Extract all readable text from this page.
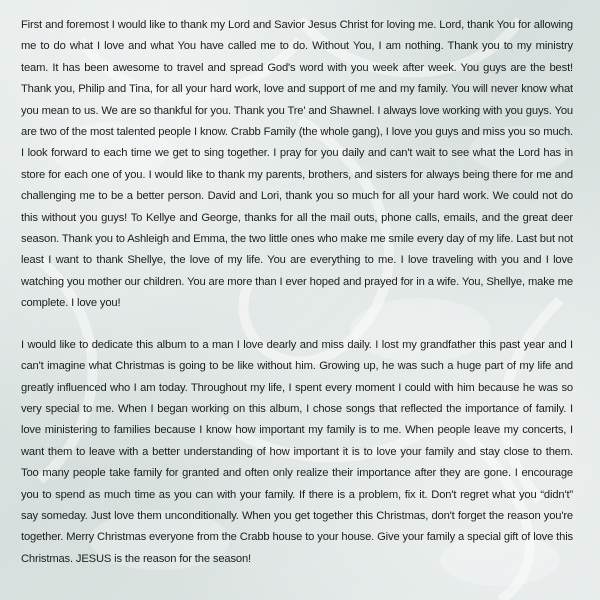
First and foremost I would like to thank my Lord and Savior Jesus Christ for loving me. Lord, thank You for allowing me to do what I love and what You have called me to do. Without You, I am nothing. Thank you to my ministry team. It has been awesome to travel and spread God's word with you week after week. You guys are the best! Thank you, Philip and Tina, for all your hard work, love and support of me and my family. You will never know what you mean to us. We are so thankful for you. Thank you Tre' and Shawnel. I always love working with you guys. You are two of the most talented people I know. Crabb Family (the whole gang), I love you guys and miss you so much. I look forward to each time we get to sing together. I pray for you daily and can't wait to see what the Lord has in store for each one of you. I would like to thank my parents, brothers, and sisters for always being there for me and challenging me to be a better person. David and Lori, thank you so much for all your hard work. We could not do this without you guys! To Kellye and George, thanks for all the mail outs, phone calls, emails, and the great deer season. Thank you to Ashleigh and Emma, the two little ones who make me smile every day of my life. Last but not least I want to thank Shellye, the love of my life. You are everything to me. I love traveling with you and I love watching you mother our children. You are more than I ever hoped and prayed for in a wife. You, Shellye, make me complete. I love you!

I would like to dedicate this album to a man I love dearly and miss daily. I lost my grandfather this past year and I can't imagine what Christmas is going to be like without him. Growing up, he was such a huge part of my life and greatly influenced who I am today. Throughout my life, I spent every moment I could with him because he was so very special to me. When I began working on this album, I chose songs that reflected the importance of family. I love ministering to families because I know how important my family is to me. When people leave my concerts, I want them to leave with a better understanding of how important it is to love your family and stay close to them. Too many people take family for granted and often only realize their importance after they are gone. I encourage you to spend as much time as you can with your family. If there is a problem, fix it. Don't regret what you “didn't” say someday. Just love them unconditionally. When you get together this Christmas, don't forget the reason you're together. Merry Christmas everyone from the Crabb house to your house. Give your family a special gift of love this Christmas. JESUS is the reason for the season!
